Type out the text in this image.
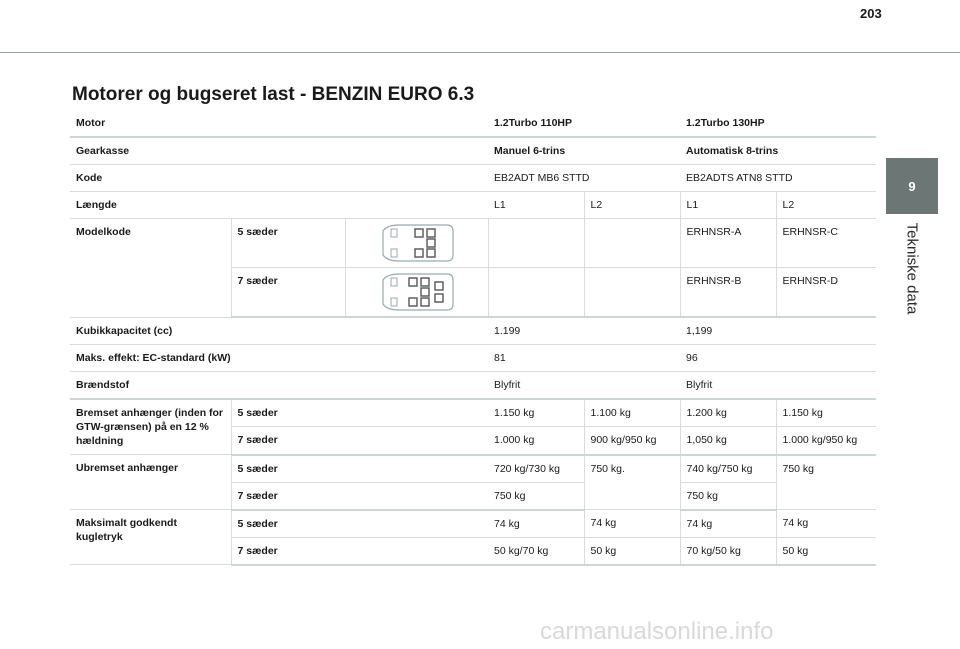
203
9
Tekniske data
Motorer og bugseret last - BENZIN EURO 6.3
Motor			1.2Turbo 110HP		1.2Turbo 130HP	
Gearkasse			Manuel 6-trins		Automatisk 8-trins	
Kode			EB2ADT MB6 STTD		EB2ADTS ATN8 STTD	
Længde			L1	L2	L1	L2
Modelkode	5 sæder				ERHNSR-A	ERHNSR-C
	7 sæder				ERHNSR-B	ERHNSR-D
Kubikkapacitet (cc)			1.199		1,199	
Maks. effekt: EC-standard (kW)			81		96	
Brændstof			Blyfrit		Blyfrit	
Bremset anhænger (inden for GTW-grænsen) på en 12 % hældning	5 sæder		1.150 kg	1.100 kg	1.200 kg	1.150 kg
	7 sæder		1.000 kg	900 kg/950 kg	1,050 kg	1.000 kg/950 kg
Ubremset anhænger	5 sæder		720 kg/730 kg	750 kg.	740 kg/750 kg	750 kg
	7 sæder		750 kg		750 kg	
Maksimalt godkendt kugletryk	5 sæder		74 kg	74 kg	74 kg	74 kg
	7 sæder		50 kg/70 kg	50 kg	70 kg/50 kg	50 kg
carmanualsonline.info
